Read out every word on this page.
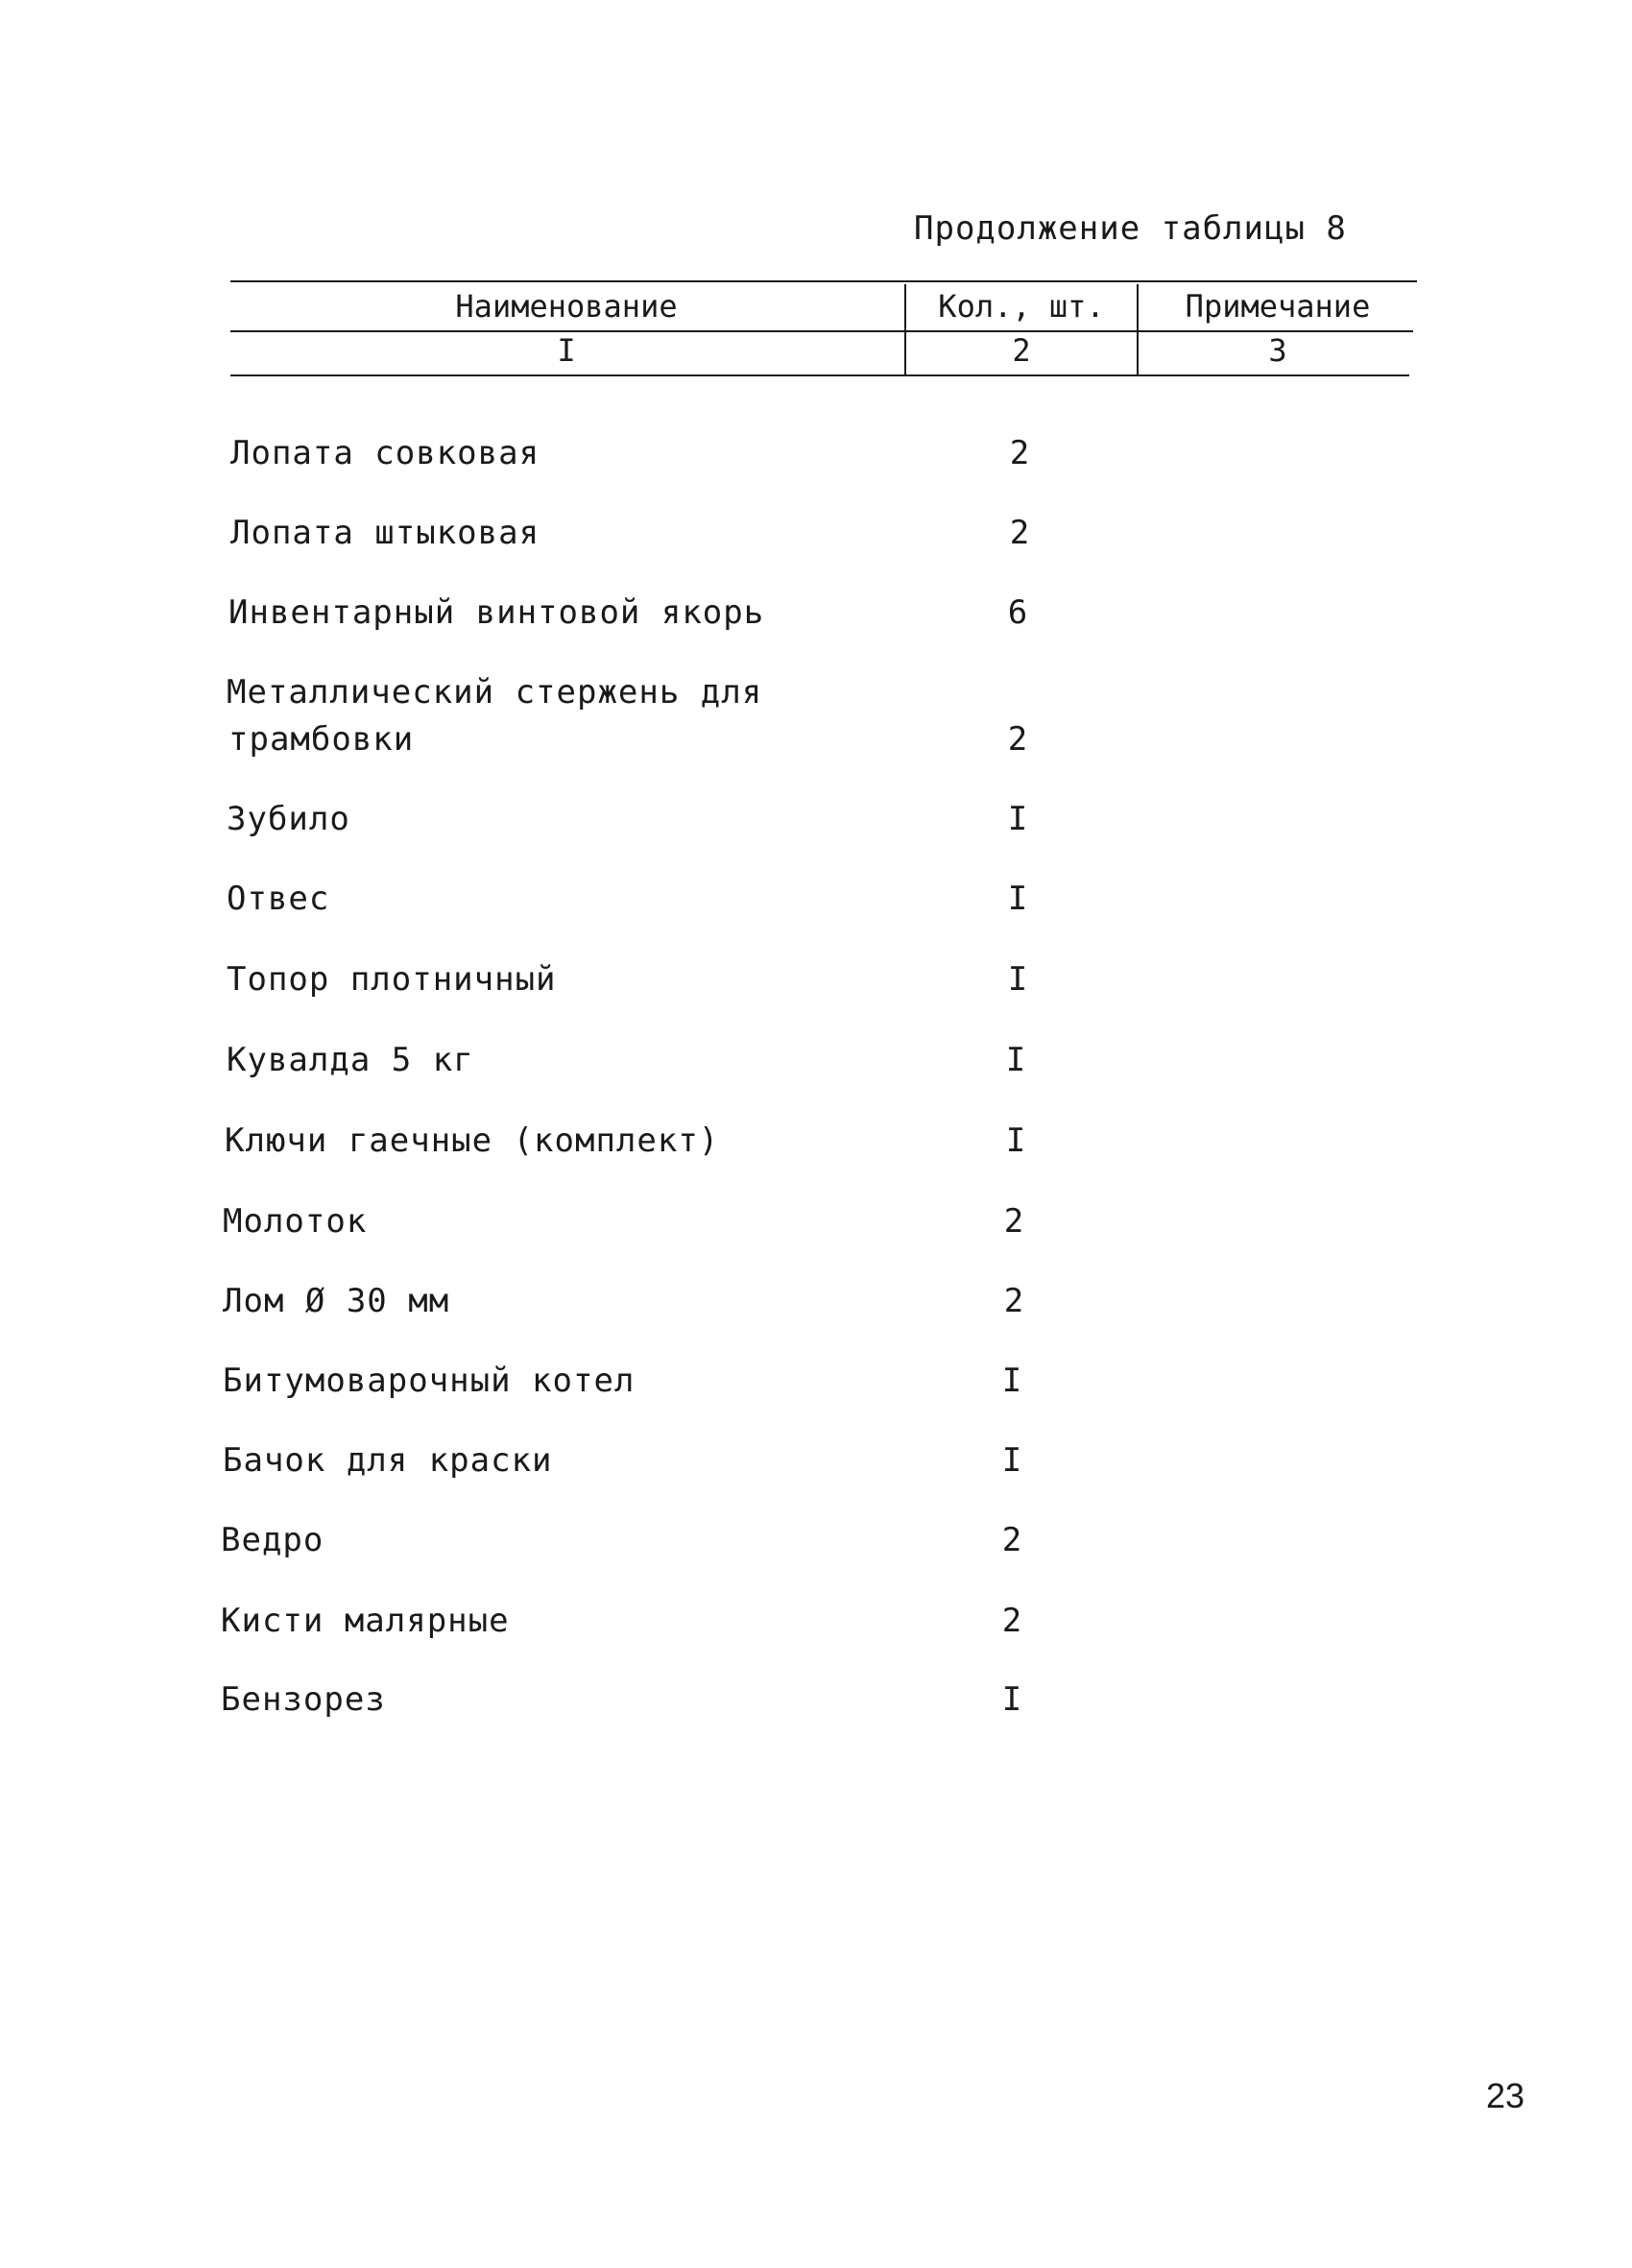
Продолжение таблицы 8
Наименование	Кол., шт.	Примечание
I	2	3
Лопата совковая	2
Лопата штыковая	2
Инвентарный винтовой якорь	6
Металлический стержень для
трамбовки	2
Зубило	I
Отвес	I
Топор плотничный	I
Кувалда 5 кг	I
Ключи гаечные (комплект)	I
Молоток	2
Лом Ø 30 мм	2
Битумоварочный котел	I
Бачок для краски	I
Ведро	2
Кисти малярные	2
Бензорез	I
23
